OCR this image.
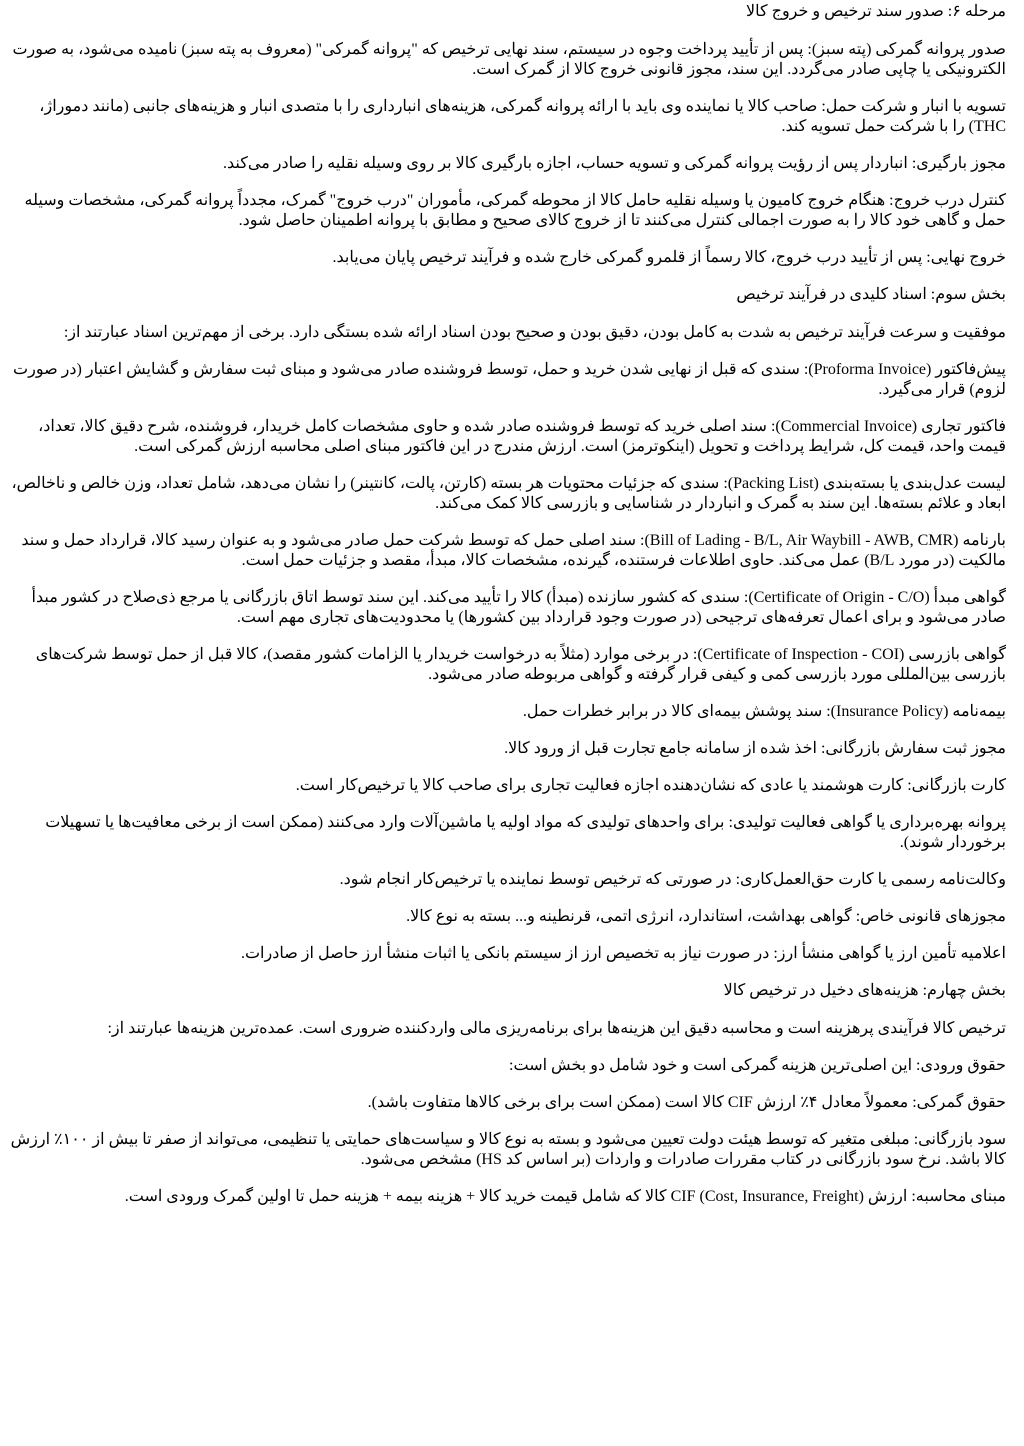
مرحله ۶: صدور سند ترخیص و خروج کالا

صدور پروانه گمرکی (پته سبز): پس از تأیید پرداخت وجوه در سیستم، سند نهایی ترخیص که "پروانه گمرکی" (معروف به پته سبز) نامیده می‌شود، به صورت الکترونیکی یا چاپی صادر می‌گردد. این سند، مجوز قانونی خروج کالا از گمرک است.

تسویه با انبار و شرکت حمل: صاحب کالا یا نماینده وی باید با ارائه پروانه گمرکی، هزینه‌های انبارداری را با متصدی انبار و هزینه‌های جانبی (مانند دموراژ، THC) را با شرکت حمل تسویه کند.

مجوز بارگیری: انباردار پس از رؤیت پروانه گمرکی و تسویه حساب، اجازه بارگیری کالا بر روی وسیله نقلیه را صادر می‌کند.

کنترل درب خروج: هنگام خروج کامیون یا وسیله نقلیه حامل کالا از محوطه گمرکی، مأموران "درب خروج" گمرک، مجدداً پروانه گمرکی، مشخصات وسیله حمل و گاهی خود کالا را به صورت اجمالی کنترل می‌کنند تا از خروج کالای صحیح و مطابق با پروانه اطمینان حاصل شود.

خروج نهایی: پس از تأیید درب خروج، کالا رسماً از قلمرو گمرکی خارج شده و فرآیند ترخیص پایان می‌یابد.

بخش سوم: اسناد کلیدی در فرآیند ترخیص

موفقیت و سرعت فرآیند ترخیص به شدت به کامل بودن، دقیق بودن و صحیح بودن اسناد ارائه شده بستگی دارد. برخی از مهم‌ترین اسناد عبارتند از:

پیش‌فاکتور (Proforma Invoice): سندی که قبل از نهایی شدن خرید و حمل، توسط فروشنده صادر می‌شود و مبنای ثبت سفارش و گشایش اعتبار (در صورت لزوم) قرار می‌گیرد.

فاکتور تجاری (Commercial Invoice): سند اصلی خرید که توسط فروشنده صادر شده و حاوی مشخصات کامل خریدار، فروشنده، شرح دقیق کالا، تعداد، قیمت واحد، قیمت کل، شرایط پرداخت و تحویل (اینکوترمز) است. ارزش مندرج در این فاکتور مبنای اصلی محاسبه ارزش گمرکی است.

لیست عدل‌بندی یا بسته‌بندی (Packing List): سندی که جزئیات محتویات هر بسته (کارتن، پالت، کانتینر) را نشان می‌دهد، شامل تعداد، وزن خالص و ناخالص، ابعاد و علائم بسته‌ها. این سند به گمرک و انباردار در شناسایی و بازرسی کالا کمک می‌کند.

بارنامه (Bill of Lading - B/L, Air Waybill - AWB, CMR): سند اصلی حمل که توسط شرکت حمل صادر می‌شود و به عنوان رسید کالا، قرارداد حمل و سند مالکیت (در مورد B/L) عمل می‌کند. حاوی اطلاعات فرستنده، گیرنده، مشخصات کالا، مبدأ، مقصد و جزئیات حمل است.

گواهی مبدأ (Certificate of Origin - C/O): سندی که کشور سازنده (مبدأ) کالا را تأیید می‌کند. این سند توسط اتاق بازرگانی یا مرجع ذی‌صلاح در کشور مبدأ صادر می‌شود و برای اعمال تعرفه‌های ترجیحی (در صورت وجود قرارداد بین کشورها) یا محدودیت‌های تجاری مهم است.

گواهی بازرسی (Certificate of Inspection - COI): در برخی موارد (مثلاً به درخواست خریدار یا الزامات کشور مقصد)، کالا قبل از حمل توسط شرکت‌های بازرسی بین‌المللی مورد بازرسی کمی و کیفی قرار گرفته و گواهی مربوطه صادر می‌شود.

بیمه‌نامه (Insurance Policy): سند پوشش بیمه‌ای کالا در برابر خطرات حمل.

مجوز ثبت سفارش بازرگانی: اخذ شده از سامانه جامع تجارت قبل از ورود کالا.

کارت بازرگانی: کارت هوشمند یا عادی که نشان‌دهنده اجازه فعالیت تجاری برای صاحب کالا یا ترخیص‌کار است.

پروانه بهره‌برداری یا گواهی فعالیت تولیدی: برای واحدهای تولیدی که مواد اولیه یا ماشین‌آلات وارد می‌کنند (ممکن است از برخی معافیت‌ها یا تسهیلات برخوردار شوند).

وکالت‌نامه رسمی یا کارت حق‌العمل‌کاری: در صورتی که ترخیص توسط نماینده یا ترخیص‌کار انجام شود.

مجوزهای قانونی خاص: گواهی بهداشت، استاندارد، انرژی اتمی، قرنطینه و... بسته به نوع کالا.

اعلامیه تأمین ارز یا گواهی منشأ ارز: در صورت نیاز به تخصیص ارز از سیستم بانکی یا اثبات منشأ ارز حاصل از صادرات.

بخش چهارم: هزینه‌های دخیل در ترخیص کالا

ترخیص کالا فرآیندی پرهزینه است و محاسبه دقیق این هزینه‌ها برای برنامه‌ریزی مالی واردکننده ضروری است. عمده‌ترین هزینه‌ها عبارتند از:

حقوق ورودی: این اصلی‌ترین هزینه گمرکی است و خود شامل دو بخش است:

حقوق گمرکی: معمولاً معادل ۴٪ ارزش CIF کالا است (ممکن است برای برخی کالاها متفاوت باشد).

سود بازرگانی: مبلغی متغیر که توسط هیئت دولت تعیین می‌شود و بسته به نوع کالا و سیاست‌های حمایتی یا تنظیمی، می‌تواند از صفر تا بیش از ۱۰۰٪ ارزش کالا باشد. نرخ سود بازرگانی در کتاب مقررات صادرات و واردات (بر اساس کد HS) مشخص می‌شود.

مبنای محاسبه: ارزش CIF (Cost, Insurance, Freight) کالا که شامل قیمت خرید کالا + هزینه بیمه + هزینه حمل تا اولین گمرک ورودی است.
